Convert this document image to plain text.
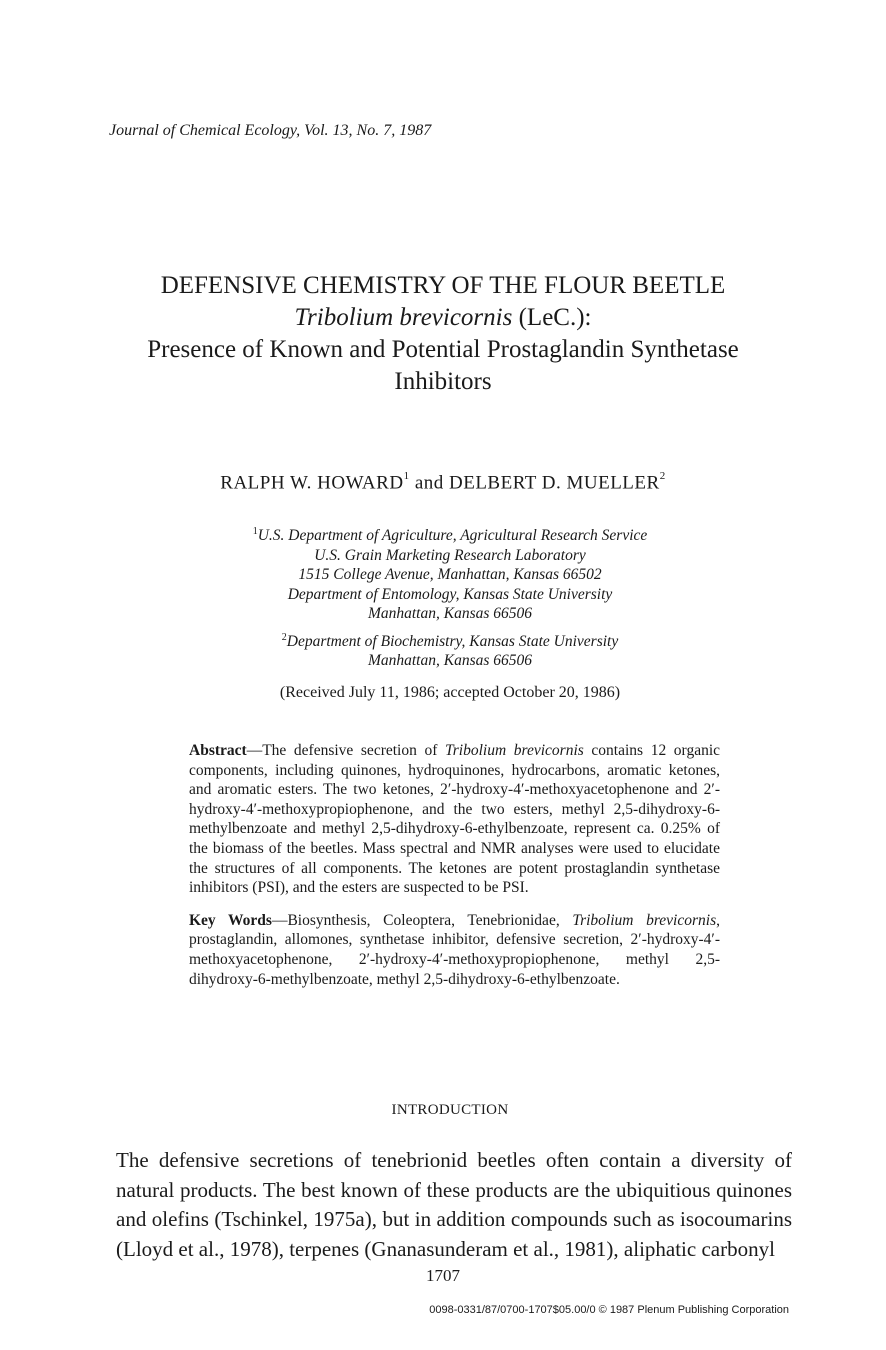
Journal of Chemical Ecology, Vol. 13, No. 7, 1987
DEFENSIVE CHEMISTRY OF THE FLOUR BEETLE
Tribolium brevicornis (LeC.):
Presence of Known and Potential Prostaglandin Synthetase
Inhibitors
RALPH W. HOWARD$^1$ and DELBERT D. MUELLER$^2$
$^1$U.S. Department of Agriculture, Agricultural Research Service
U.S. Grain Marketing Research Laboratory
1515 College Avenue, Manhattan, Kansas 66502
Department of Entomology, Kansas State University
Manhattan, Kansas 66506
$^2$Department of Biochemistry, Kansas State University
Manhattan, Kansas 66506
(Received July 11, 1986; accepted October 20, 1986)

Abstract—The defensive secretion of Tribolium brevicornis contains 12 organic components, including quinones, hydroquinones, hydrocarbons, aromatic ketones, and aromatic esters. The two ketones, 2′-hydroxy-4′-methoxyacetophenone and 2′-hydroxy-4′-methoxypropiophenone, and the two esters, methyl 2,5-dihydroxy-6-methylbenzoate and methyl 2,5-dihydroxy-6-ethylbenzoate, represent ca. 0.25% of the biomass of the beetles. Mass spectral and NMR analyses were used to elucidate the structures of all components. The ketones are potent prostaglandin synthetase inhibitors (PSI), and the esters are suspected to be PSI.

Key Words—Biosynthesis, Coleoptera, Tenebrionidae, Tribolium brevicornis, prostaglandin, allomones, synthetase inhibitor, defensive secretion, 2′-hydroxy-4′-methoxyacetophenone, 2′-hydroxy-4′-methoxypropiophenone, methyl 2,5-dihydroxy-6-methylbenzoate, methyl 2,5-dihydroxy-6-ethylbenzoate.

INTRODUCTION

The defensive secretions of tenebrionid beetles often contain a diversity of natural products. The best known of these products are the ubiquitious quinones and olefins (Tschinkel, 1975a), but in addition compounds such as isocoumarins (Lloyd et al., 1978), terpenes (Gnanasunderam et al., 1981), aliphatic carbonyl

1707
0098-0331/87/0700-1707$05.00/0 © 1987 Plenum Publishing Corporation
